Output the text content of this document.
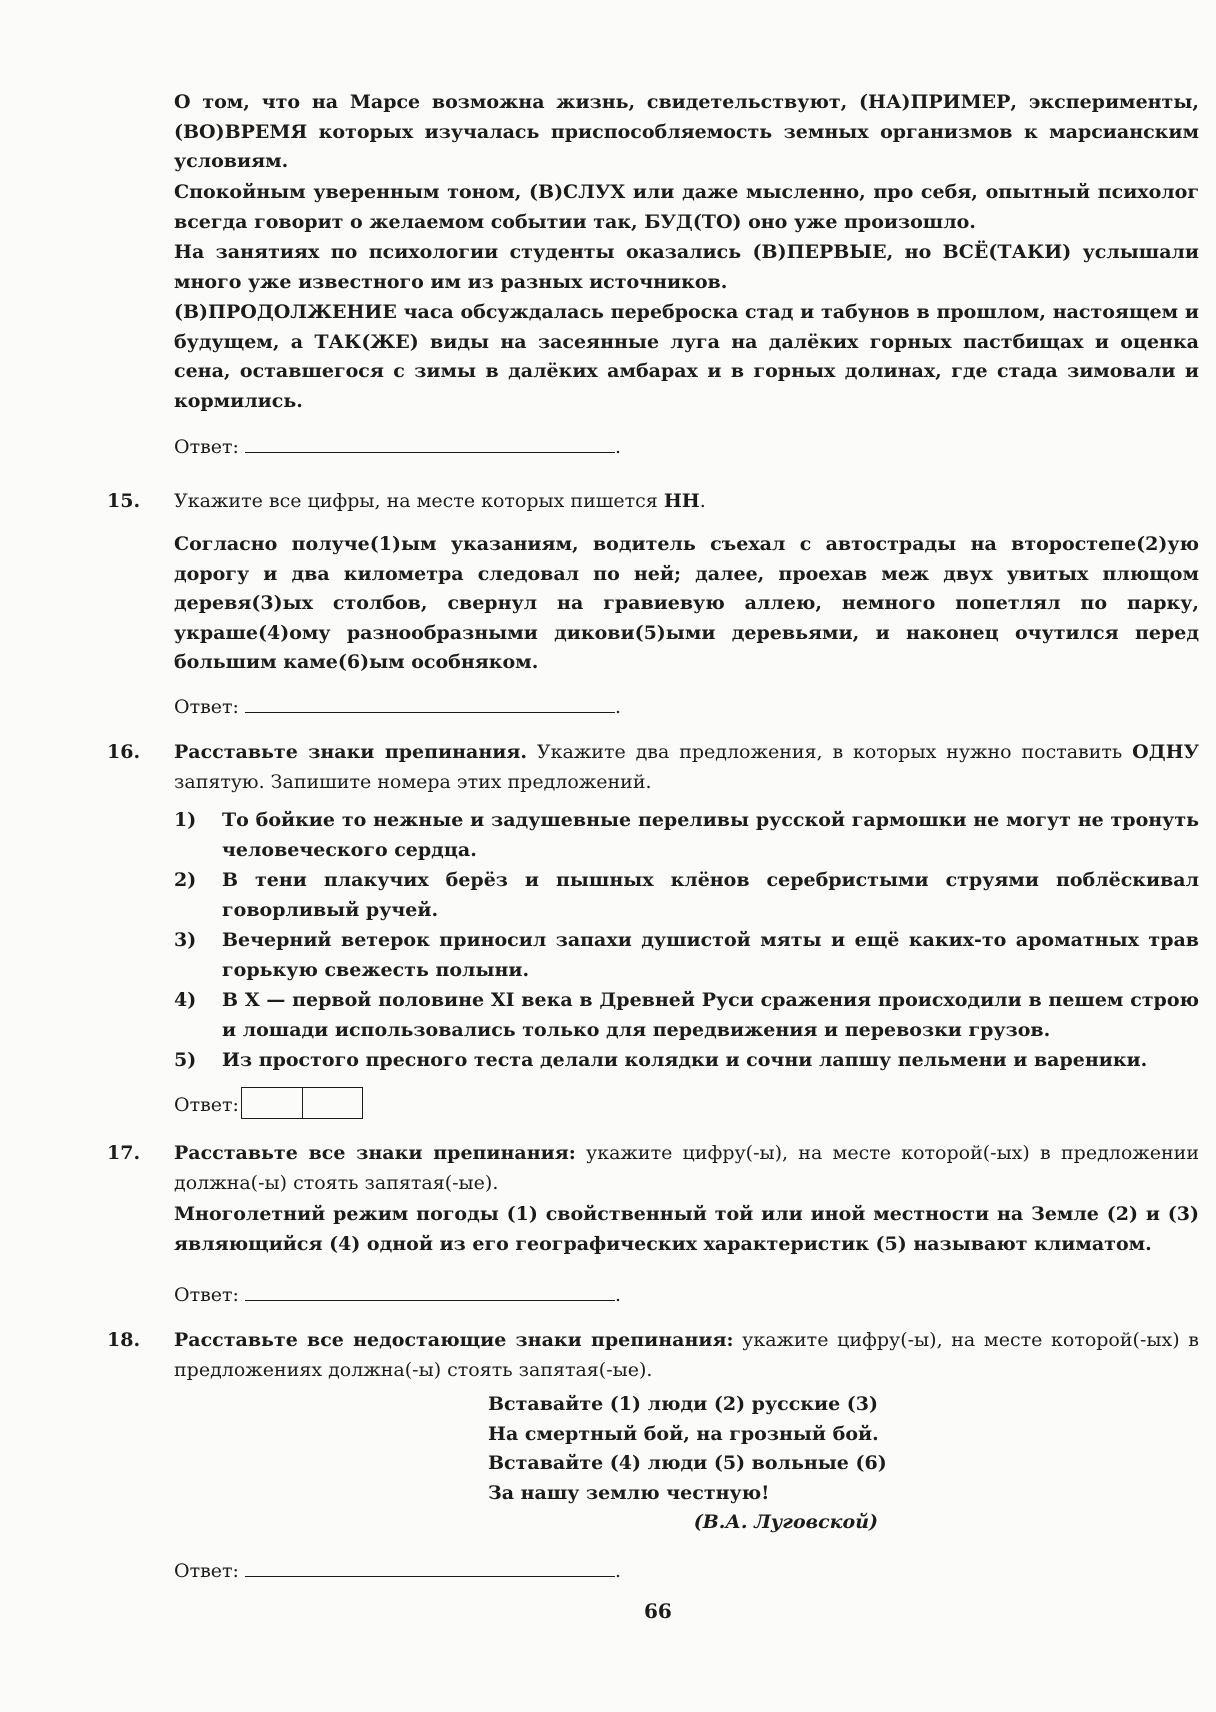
О том, что на Марсе возможна жизнь, свидетельствуют, (НА)ПРИМЕР, эксперименты, (ВО)ВРЕМЯ которых изучалась приспособляемость земных организмов к марсианским условиям.

Спокойным уверенным тоном, (В)СЛУХ или даже мысленно, про себя, опытный психолог всегда говорит о желаемом событии так, БУД(ТО) оно уже произошло.

На занятиях по психологии студенты оказались (В)ПЕРВЫЕ, но ВСЁ(ТАКИ) услышали много уже известного им из разных источников.

(В)ПРОДОЛЖЕНИЕ часа обсуждалась переброска стад и табунов в прошлом, настоящем и будущем, а ТАК(ЖЕ) виды на засеянные луга на далёких горных пастбищах и оценка сена, оставшегося с зимы в далёких амбарах и в горных долинах, где стада зимовали и кормились.

Ответ:	.
15. Укажите все цифры, на месте которых пишется НН.

Согласно получе(1)ым указаниям, водитель съехал с автострады на второстепе(2)ую дорогу и два километра следовал по ней; далее, проехав меж двух увитых плющом деревя(3)ых столбов, свернул на гравиевую аллею, немного попетлял по парку, украше(4)ому разнообразными дикови(5)ыми деревьями, и наконец очутился перед большим каме(6)ым особняком.

Ответ:	.
16. Расставьте знаки препинания. Укажите два предложения, в которых нужно поставить ОДНУ запятую. Запишите номера этих предложений.

1) То бойкие то нежные и задушевные переливы русской гармошки не могут не тронуть человеческого сердца.
2) В тени плакучих берёз и пышных клёнов серебристыми струями поблёскивал говорливый ручей.
3) Вечерний ветерок приносил запахи душистой мяты и ещё каких-то ароматных трав горькую свежесть полыни.
4) В X — первой половине XI века в Древней Руси сражения происходили в пешем строю и лошади использовались только для передвижения и перевозки грузов.
5) Из простого пресного теста делали колядки и сочни лапшу пельмени и вареники.
Ответ:
17. Расставьте все знаки препинания: укажите цифру(-ы), на месте которой(-ых) в предложении должна(-ы) стоять запятая(-ые).

Многолетний режим погоды (1) свойственный той или иной местности на Земле (2) и (3) являющийся (4) одной из его географических характеристик (5) называют климатом.

Ответ:	.
18. Расставьте все недостающие знаки препинания: укажите цифру(-ы), на месте которой(-ых) в предложениях должна(-ы) стоять запятая(-ые).

Вставайте (1) люди (2) русские (3)
На смертный бой, на грозный бой.
Вставайте (4) люди (5) вольные (6)
За нашу землю честную!
(В.А. Луговской)
Ответ:	.
66
